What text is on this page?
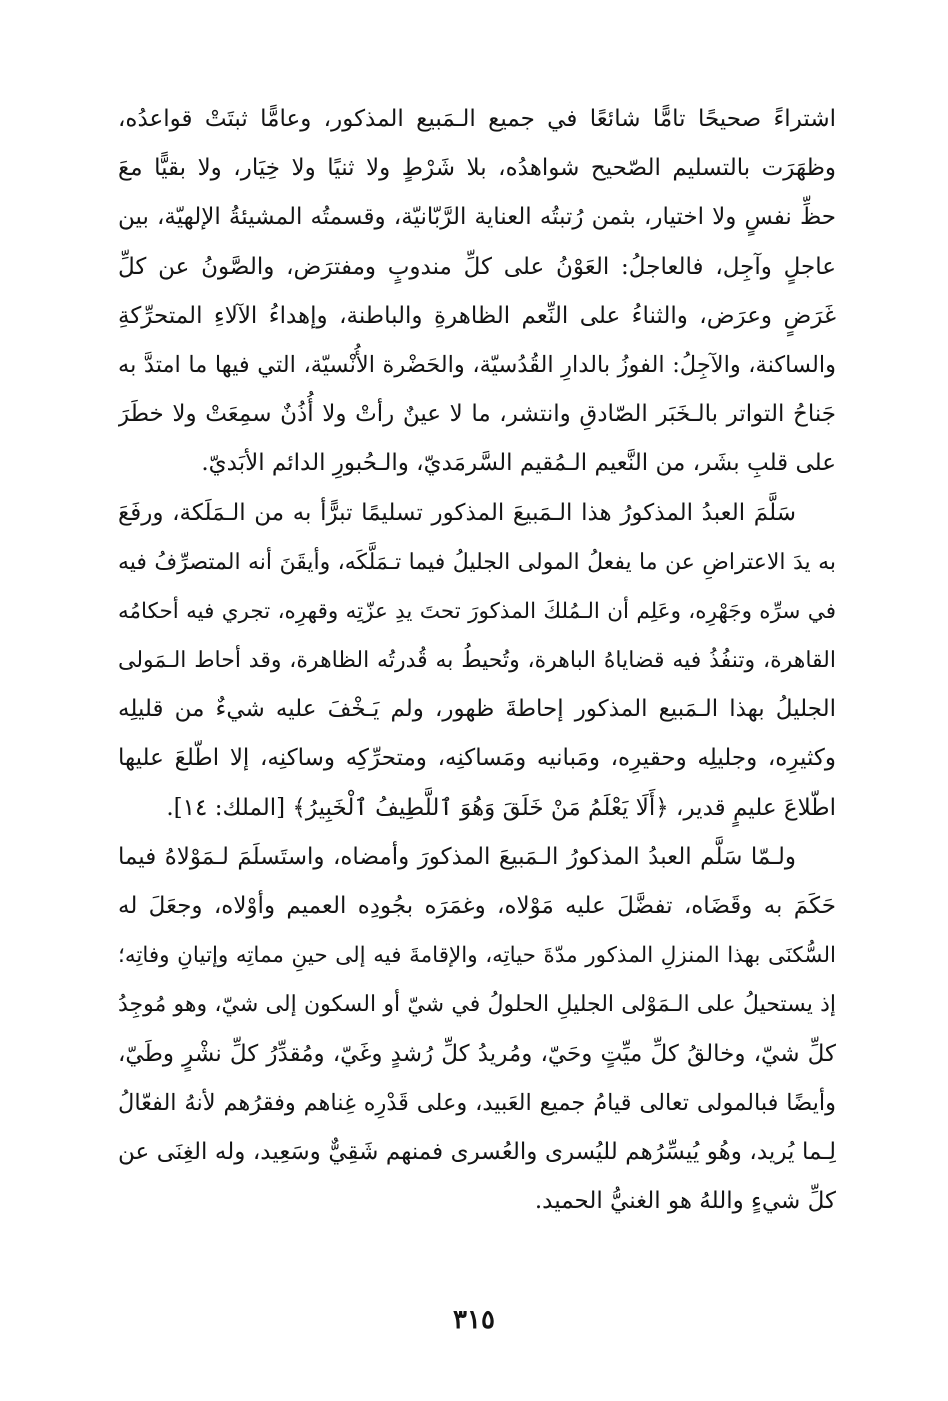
اشتراءً صحيحًا تامًّا شائعًا في جميع الـمَبيع المذكور، وعامًّا ثبتَتْ قواعدُه،
وظهَرَت بالتسليم الصّحيح شواهدُه، بلا شَرْطٍ ولا ثنيًا ولا خِيَار، ولا بقيًّا معَ
حظِّ نفسٍ ولا اختيار، بثمن رُتبتُه العناية الرَّبّانيّة، وقسمتُه المشيئةُ الإلهيّة، بين
عاجلٍ وآجِل، فالعاجلُ: العَوْنُ على كلِّ مندوبٍ ومفترَض، والصَّونُ عن كلِّ
غَرَضٍ وعرَض، والثناءُ على النِّعم الظاهرةِ والباطنة، وإهداءُ الآلاءِ المتحرِّكةِ
والساكنة، والآجِلُ: الفوزُ بالدارِ القُدُسيّة، والحَضْرة الأُنْسيّة، التي فيها ما امتدَّ به
جَناحُ التواتر بالـخَبَر الصّادقِ وانتشر، ما لا عينٌ رأتْ ولا أُذُنٌ سمِعَتْ ولا خطَرَ
على قلبِ بشَر، من النَّعيم الـمُقيم السَّرمَديّ، والـحُبورِ الدائم الأبَديّ.
سَلَّمَ العبدُ المذكورُ هذا الـمَبيعَ المذكور تسليمًا تبرًّأ به من الـمَلَكة، ورفَعَ
به يدَ الاعتراضِ عن ما يفعلُ المولى الجليلُ فيما تـمَلَّكَه، وأيقَنَ أنه المتصرِّفُ فيه
في سرِّه وجَهْرِه، وعَلِم أن الـمُلكَ المذكورَ تحتَ يدِ عزّتِه وقهرِه، تجري فيه أحكامُه
القاهرة، وتنفُذُ فيه قضاياهُ الباهرة، وتُحيطُ به قُدرتُه الظاهرة، وقد أحاط الـمَولى
الجليلُ بهذا الـمَبيع المذكور إحاطةَ ظهور، ولم يَـخْفَ عليه شيءٌ من قليلِه
وكثيرِه، وجليلِه وحقيرِه، ومَبانيه ومَساكنِه، ومتحرِّكِه وساكنِه، إلا اطّلعَ عليها
اطّلاعَ عليمٍ قدير، ﴿أَلَا يَعْلَمُ مَنْ خَلَقَ وَهُوَ ٱللَّطِيفُ ٱلْخَبِيرُ﴾ [الملك: ١٤].
ولـمّا سَلَّم العبدُ المذكورُ الـمَبيعَ المذكورَ وأمضاه، واستَسلَمَ لـمَوْلاهُ فيما
حَكَمَ به وقَضَاه، تفضَّلَ عليه مَوْلاه، وغمَرَه بجُودِه العميم وأوْلاه، وجعَلَ له
السُّكنَى بهذا المنزلِ المذكور مدّةَ حياتِه، والإقامةَ فيه إلى حينِ مماتِه وإتيانِ وفاتِه؛
إذ يستحيلُ على الـمَوْلى الجليلِ الحلولُ في شيّ أو السكون إلى شيّ، وهو مُوجِدُ
كلِّ شيّ، وخالقُ كلِّ ميِّتٍ وحَيّ، ومُريدُ كلِّ رُشدٍ وغَيّ، ومُقدِّرُ كلِّ نشْرٍ وطَيّ،
وأيضًا فبالمولى تعالى قيامُ جميع العَبيد، وعلى قَدْرِه غِناهم وفقرُهم لأنهُ الفعّالُ
لِـما يُريد، وهُو يُيسِّرُهم لليُسرى والعُسرى فمنهم شَقِيٌّ وسَعِيد، وله الغِنَى عن
كلِّ شيءٍ واللهُ هو الغنيُّ الحميد.
٣١٥
